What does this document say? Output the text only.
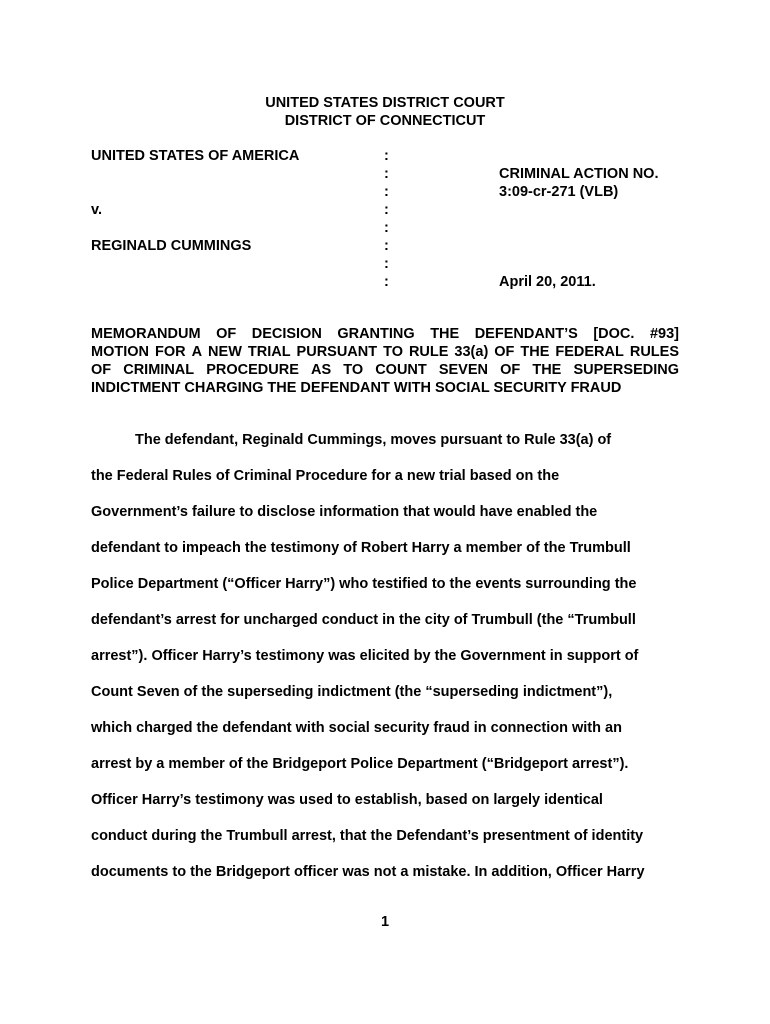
UNITED STATES DISTRICT COURT
DISTRICT OF CONNECTICUT
UNITED STATES OF AMERICA
v.
REGINALD CUMMINGS
:
:
:
:
:
:
:
:
CRIMINAL ACTION NO.
3:09-cr-271 (VLB)
April 20, 2011.
MEMORANDUM OF DECISION GRANTING THE DEFENDANT’S [DOC. #93]
MOTION FOR A NEW TRIAL PURSUANT TO RULE 33(a) OF THE FEDERAL RULES
OF CRIMINAL PROCEDURE AS TO COUNT SEVEN OF THE SUPERSEDING
INDICTMENT CHARGING THE DEFENDANT WITH SOCIAL SECURITY FRAUD
The defendant, Reginald Cummings, moves pursuant to Rule 33(a) of
the Federal Rules of Criminal Procedure for a new trial based on the
Government’s failure to disclose information that would have enabled the
defendant to impeach the testimony of Robert Harry a member of the Trumbull
Police Department (“Officer Harry”) who testified to the events surrounding the
defendant’s arrest for uncharged conduct in the city of Trumbull (the “Trumbull
arrest”). Officer Harry’s testimony was elicited by the Government in support of
Count Seven of the superseding indictment (the “superseding indictment”),
which charged the defendant with social security fraud in connection with an
arrest by a member of the Bridgeport Police Department (“Bridgeport arrest”).
Officer Harry’s testimony was used to establish, based on largely identical
conduct during the Trumbull arrest, that the Defendant’s presentment of identity
documents to the Bridgeport officer was not a mistake. In addition, Officer Harry
1
